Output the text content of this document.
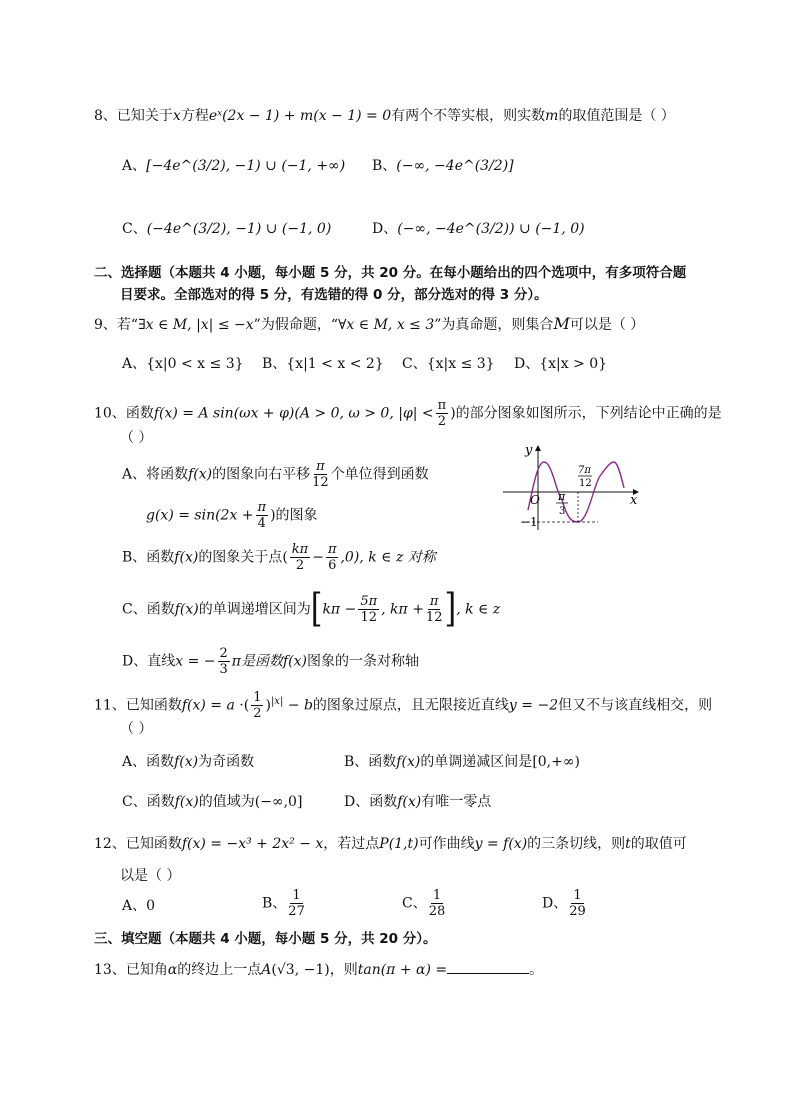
8、已知关于x方程eˣ(2x − 1) + m(x − 1) = 0有两个不等实根，则实数m的取值范围是（ ）
A、[−4e^(3/2), −1) ∪ (−1, +∞) B、(−∞, −4e^(3/2)]
C、(−4e^(3/2), −1) ∪ (−1, 0)	D、(−∞, −4e^(3/2)) ∪ (−1, 0)
二、选择题（本题共 4 小题，每小题 5 分，共 20 分。在每小题给出的四个选项中，有多项符合题
目要求。全部选对的得 5 分，有选错的得 0 分，部分选对的得 3 分）。
9、若“∃x ∈ M, |x| ≤ −x”为假命题，“∀x ∈ M, x ≤ 3”为真命题，则集合M可以是（ ）
A、{x|0 < x ≤ 3} B、{x|1 < x < 2} C、{x|x ≤ 3} D、{x|x > 0}
10、函数f(x) = A sin(ωx + φ)(A > 0, ω > 0, $|\varphi| < \frac{\pi}{2}$ )的部分图象如图所示，下列结论中正确的是
（ ）
A、将函数f(x)的图象向右平移 $\frac{\pi}{12}$ 个单位得到函数
$g(x) = \sin(2x + \frac{\pi}{4}$ )的图象
B、函数f(x)的图象关于点( $\frac{k\pi}{2} - \frac{\pi}{6} ,0$), k ∈ z 对称
C、函数f(x)的单调递增区间为[$k\pi - \frac{5\pi}{12}$ , $k\pi + \frac{\pi}{12}$ ], k ∈ z
D、直线x = − $\frac{2}{3}$ π是函数f(x)图象的一条对称轴
y
x
O
−1
7π
12
π
3
11、已知函数f(x) = a ·( $\frac{1}{2} )^{|x|} - b$的图象过原点，且无限接近直线y = −2但又不与该直线相交，则
（ ）
A、函数f(x)为奇函数	B、函数f(x)的单调递减区间是[0,+∞)
C、函数f(x)的值域为(−∞,0]	D、函数f(x)有唯一零点
12、已知函数f(x) = −x³ + 2x² − x，若过点P(1,t)可作曲线y = f(x)的三条切线，则t的取值可
以是（ ）
A、0	B、 $\frac{1}{27}$	C、 $\frac{1}{28}$	D、 $\frac{1}{29}$
三、填空题（本题共 4 小题，每小题 5 分，共 20 分）。
13、已知角α的终边上一点A(√3, −1)，则tan(π + α) =	。
